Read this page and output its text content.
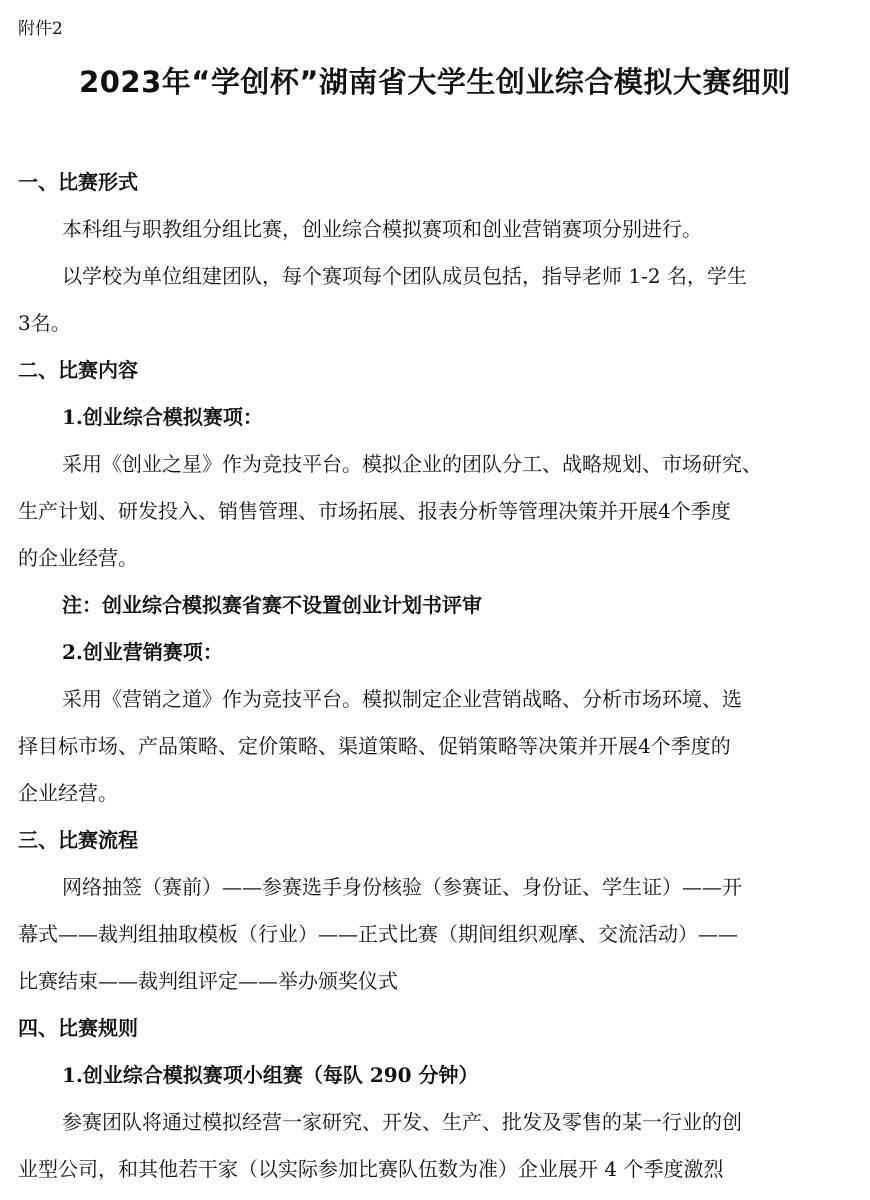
附件2
2023年“学创杯”湖南省大学生创业综合模拟大赛细则
一、比赛形式
本科组与职教组分组比赛，创业综合模拟赛项和创业营销赛项分别进行。
以学校为单位组建团队，每个赛项每个团队成员包括，指导老师 1-2 名，学生
3名。
二、比赛内容
1.创业综合模拟赛项：
采用《创业之星》作为竞技平台。模拟企业的团队分工、战略规划、市场研究、
生产计划、研发投入、销售管理、市场拓展、报表分析等管理决策并开展4个季度
的企业经营。
注：创业综合模拟赛省赛不设置创业计划书评审
2.创业营销赛项：
采用《营销之道》作为竞技平台。模拟制定企业营销战略、分析市场环境、选
择目标市场、产品策略、定价策略、渠道策略、促销策略等决策并开展4个季度的
企业经营。
三、比赛流程
网络抽签（赛前）——参赛选手身份核验（参赛证、身份证、学生证）——开
幕式——裁判组抽取模板（行业）——正式比赛（期间组织观摩、交流活动）——
比赛结束——裁判组评定——举办颁奖仪式
四、比赛规则
1.创业综合模拟赛项小组赛（每队 290 分钟）
参赛团队将通过模拟经营一家研究、开发、生产、批发及零售的某一行业的创
业型公司，和其他若干家（以实际参加比赛队伍数为准）企业展开 4 个季度激烈
